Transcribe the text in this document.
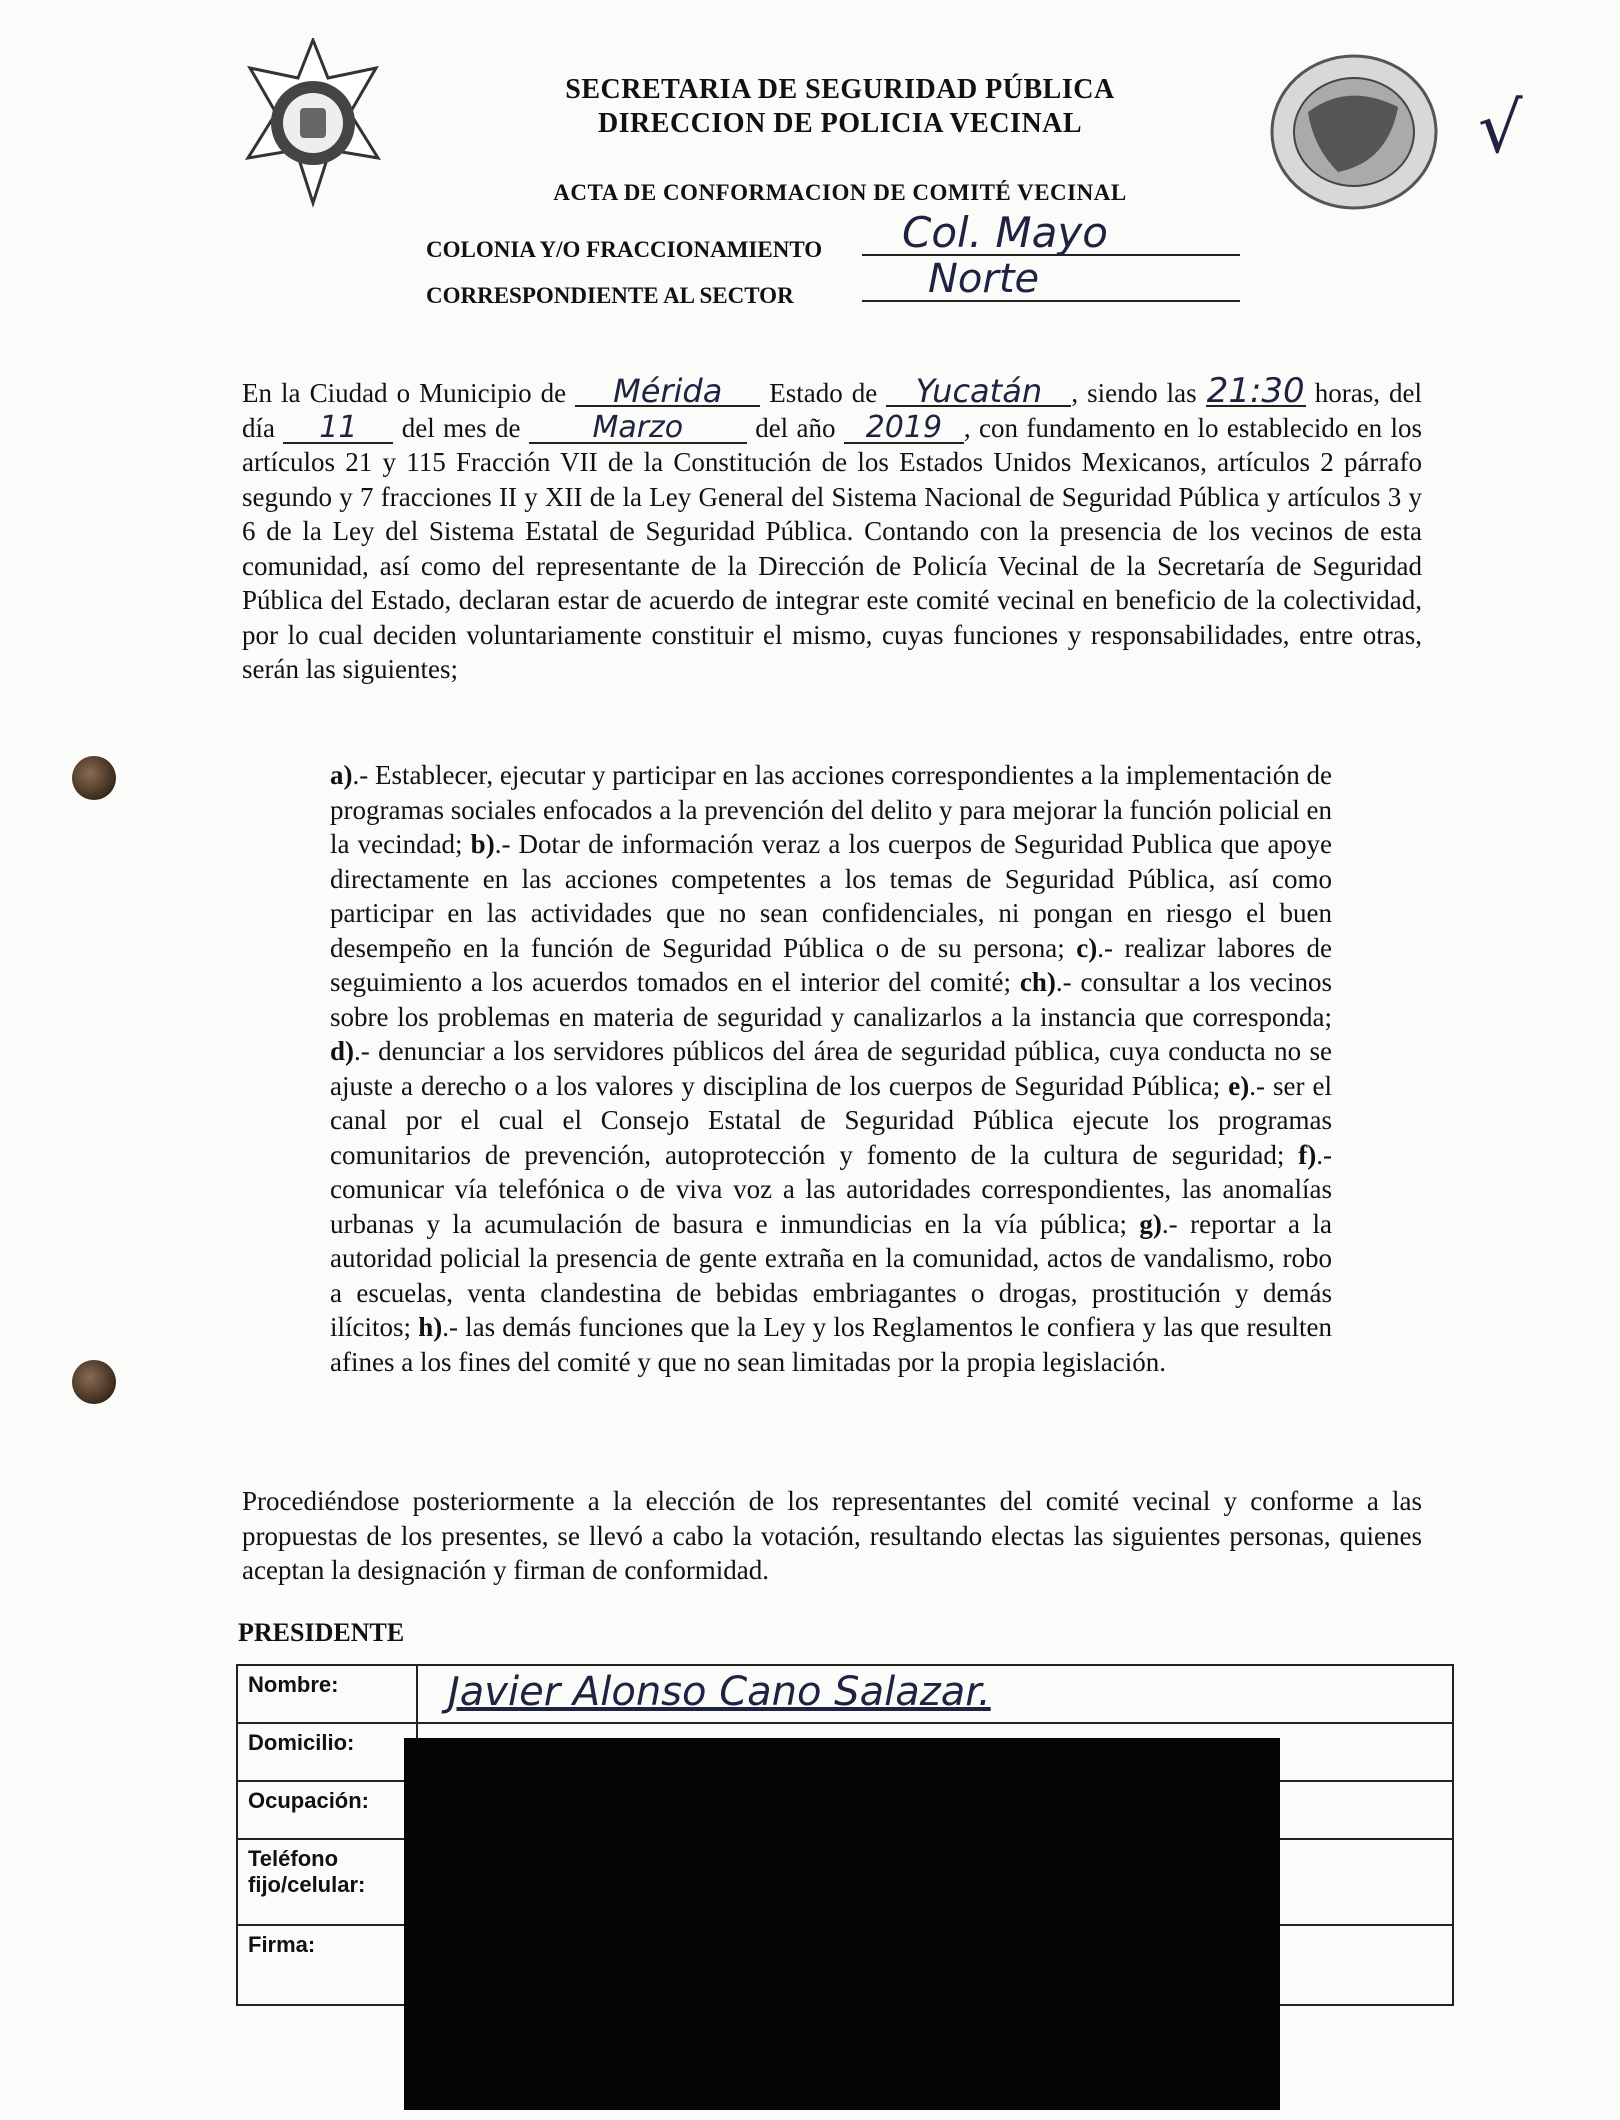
√
SECRETARIA DE SEGURIDAD PÚBLICA
DIRECCION DE POLICIA VECINAL
ACTA DE CONFORMACION DE COMITÉ VECINAL
COLONIA Y/O FRACCIONAMIENTO	Col. Mayo
CORRESPONDIENTE AL SECTOR	Norte
En la Ciudad o Municipio de Mérida Estado de Yucatán , siendo las 21:30 horas, del día 11 del mes de Marzo	del año 2019 , con fundamento en lo establecido en los artículos 21 y 115 Fracción VII de la Constitución de los Estados Unidos Mexicanos, artículos 2 párrafo segundo y 7 fracciones II y XII de la Ley General del Sistema Nacional de Seguridad Pública y artículos 3 y 6 de la Ley del Sistema Estatal de Seguridad Pública. Contando con la presencia de los vecinos de esta comunidad, así como del representante de la Dirección de Policía Vecinal de la Secretaría de Seguridad Pública del Estado, declaran estar de acuerdo de integrar este comité vecinal en beneficio de la colectividad, por lo cual deciden voluntariamente constituir el mismo, cuyas funciones y responsabilidades, entre otras, serán las siguientes;
a).- Establecer, ejecutar y participar en las acciones correspondientes a la implementación de programas sociales enfocados a la prevención del delito y para mejorar la función policial en la vecindad; b).- Dotar de información veraz a los cuerpos de Seguridad Publica que apoye directamente en las acciones competentes a los temas de Seguridad Pública, así como participar en las actividades que no sean confidenciales, ni pongan en riesgo el buen desempeño en la función de Seguridad Pública o de su persona; c).- realizar labores de seguimiento a los acuerdos tomados en el interior del comité; ch).- consultar a los vecinos sobre los problemas en materia de seguridad y canalizarlos a la instancia que corresponda; d).- denunciar a los servidores públicos del área de seguridad pública, cuya conducta no se ajuste a derecho o a los valores y disciplina de los cuerpos de Seguridad Pública; e).- ser el canal por el cual el Consejo Estatal de Seguridad Pública ejecute los programas comunitarios de prevención, autoprotección y fomento de la cultura de seguridad; f).- comunicar vía telefónica o de viva voz a las autoridades correspondientes, las anomalías urbanas y la acumulación de basura e inmundicias en la vía pública; g).- reportar a la autoridad policial la presencia de gente extraña en la comunidad, actos de vandalismo, robo a escuelas, venta clandestina de bebidas embriagantes o drogas, prostitución y demás ilícitos; h).- las demás funciones que la Ley y los Reglamentos le confiera y las que resulten afines a los fines del comité y que no sean limitadas por la propia legislación.
Procediéndose posteriormente a la elección de los representantes del comité vecinal y conforme a las propuestas de los presentes, se llevó a cabo la votación, resultando electas las siguientes personas, quienes aceptan la designación y firman de conformidad.
PRESIDENTE
Nombre:	Javier Alonso Cano Salazar.
Domicilio:	
Ocupación:	
Teléfono fijo/celular:	
Firma:	
